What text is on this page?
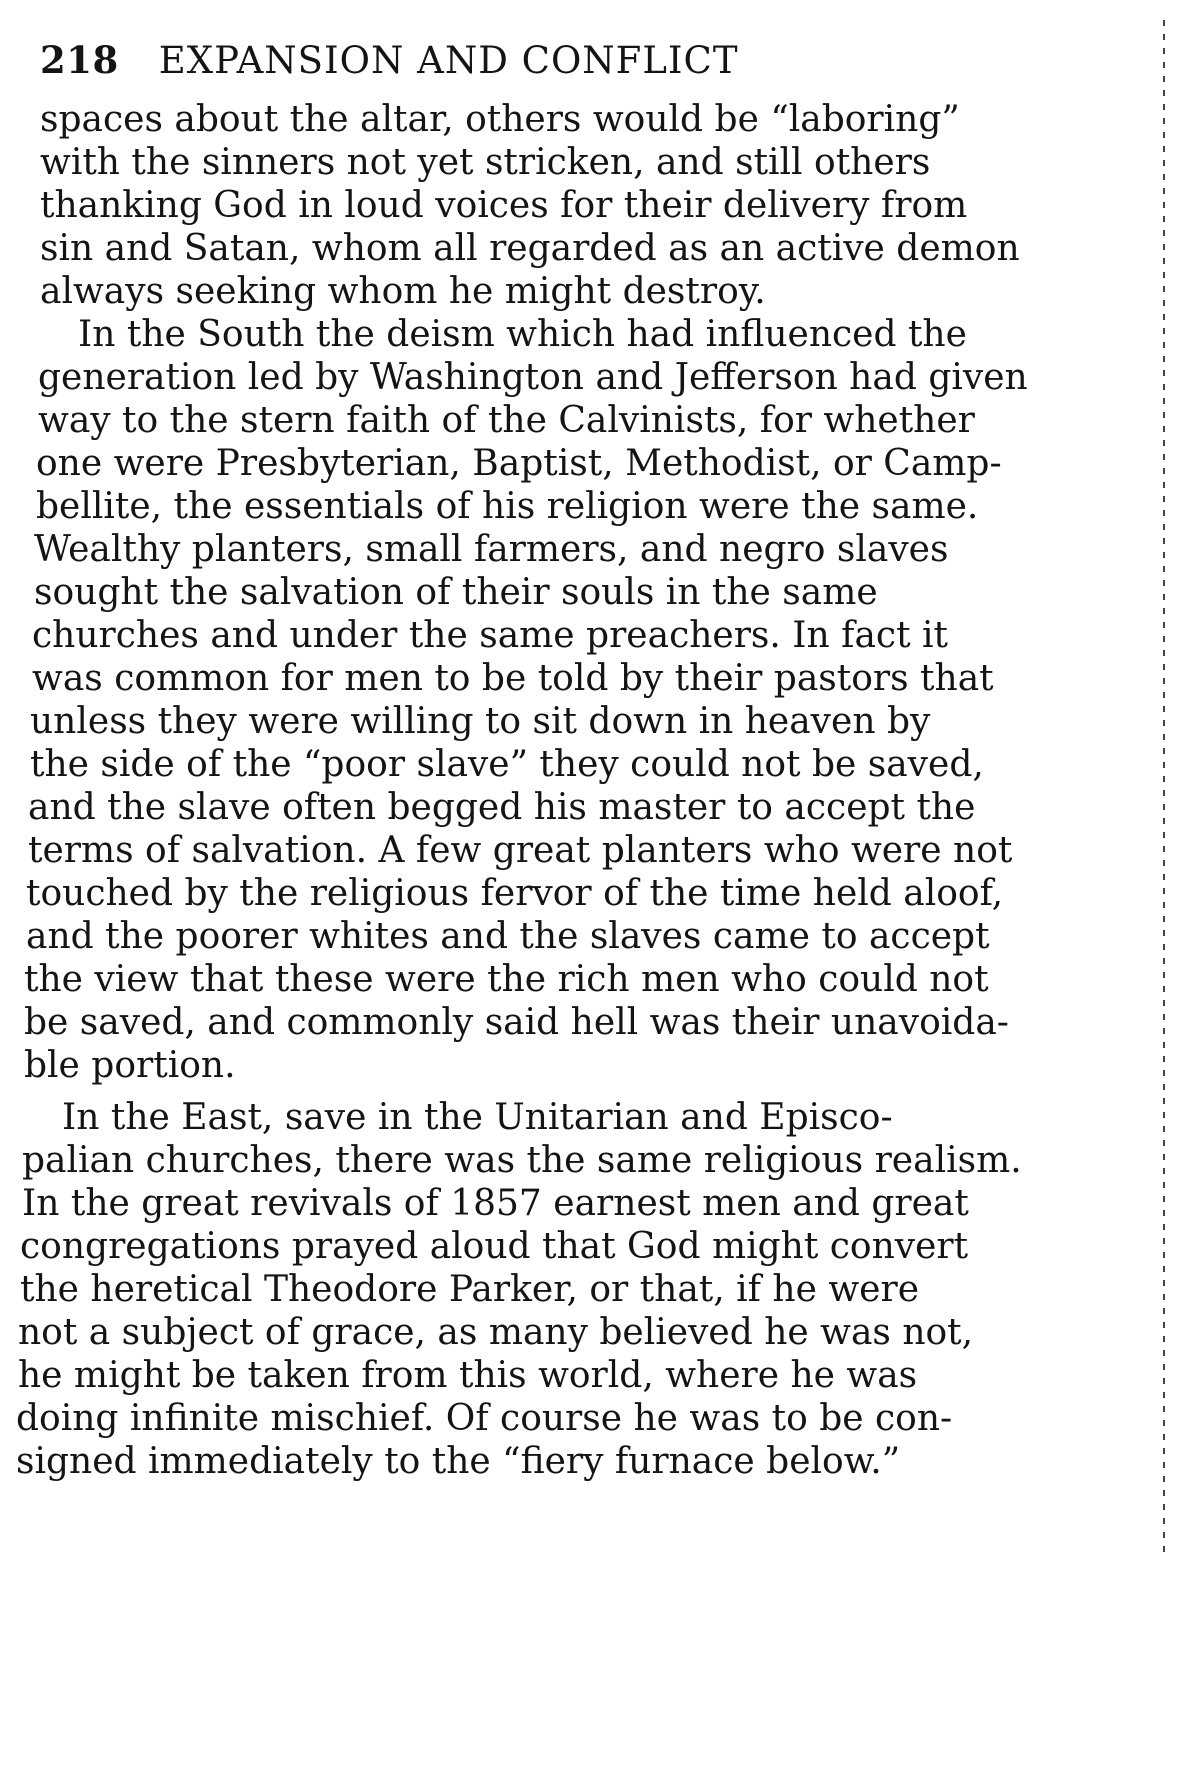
218 EXPANSION AND CONFLICT
spaces about the altar, others would be “laboring”
with the sinners not yet stricken, and still others
thanking God in loud voices for their delivery from
sin and Satan, whom all regarded as an active demon
always seeking whom he might destroy.
In the South the deism which had influenced the
generation led by Washington and Jefferson had given
way to the stern faith of the Calvinists, for whether
one were Presbyterian, Baptist, Methodist, or Camp-
bellite, the essentials of his religion were the same.
Wealthy planters, small farmers, and negro slaves
sought the salvation of their souls in the same
churches and under the same preachers. In fact it
was common for men to be told by their pastors that
unless they were willing to sit down in heaven by
the side of the “poor slave” they could not be saved,
and the slave often begged his master to accept the
terms of salvation. A few great planters who were not
touched by the religious fervor of the time held aloof,
and the poorer whites and the slaves came to accept
the view that these were the rich men who could not
be saved, and commonly said hell was their unavoida-
ble portion.
In the East, save in the Unitarian and Episco-
palian churches, there was the same religious realism.
In the great revivals of 1857 earnest men and great
congregations prayed aloud that God might convert
the heretical Theodore Parker, or that, if he were
not a subject of grace, as many believed he was not,
he might be taken from this world, where he was
doing infinite mischief. Of course he was to be con-
signed immediately to the “fiery furnace below.”
